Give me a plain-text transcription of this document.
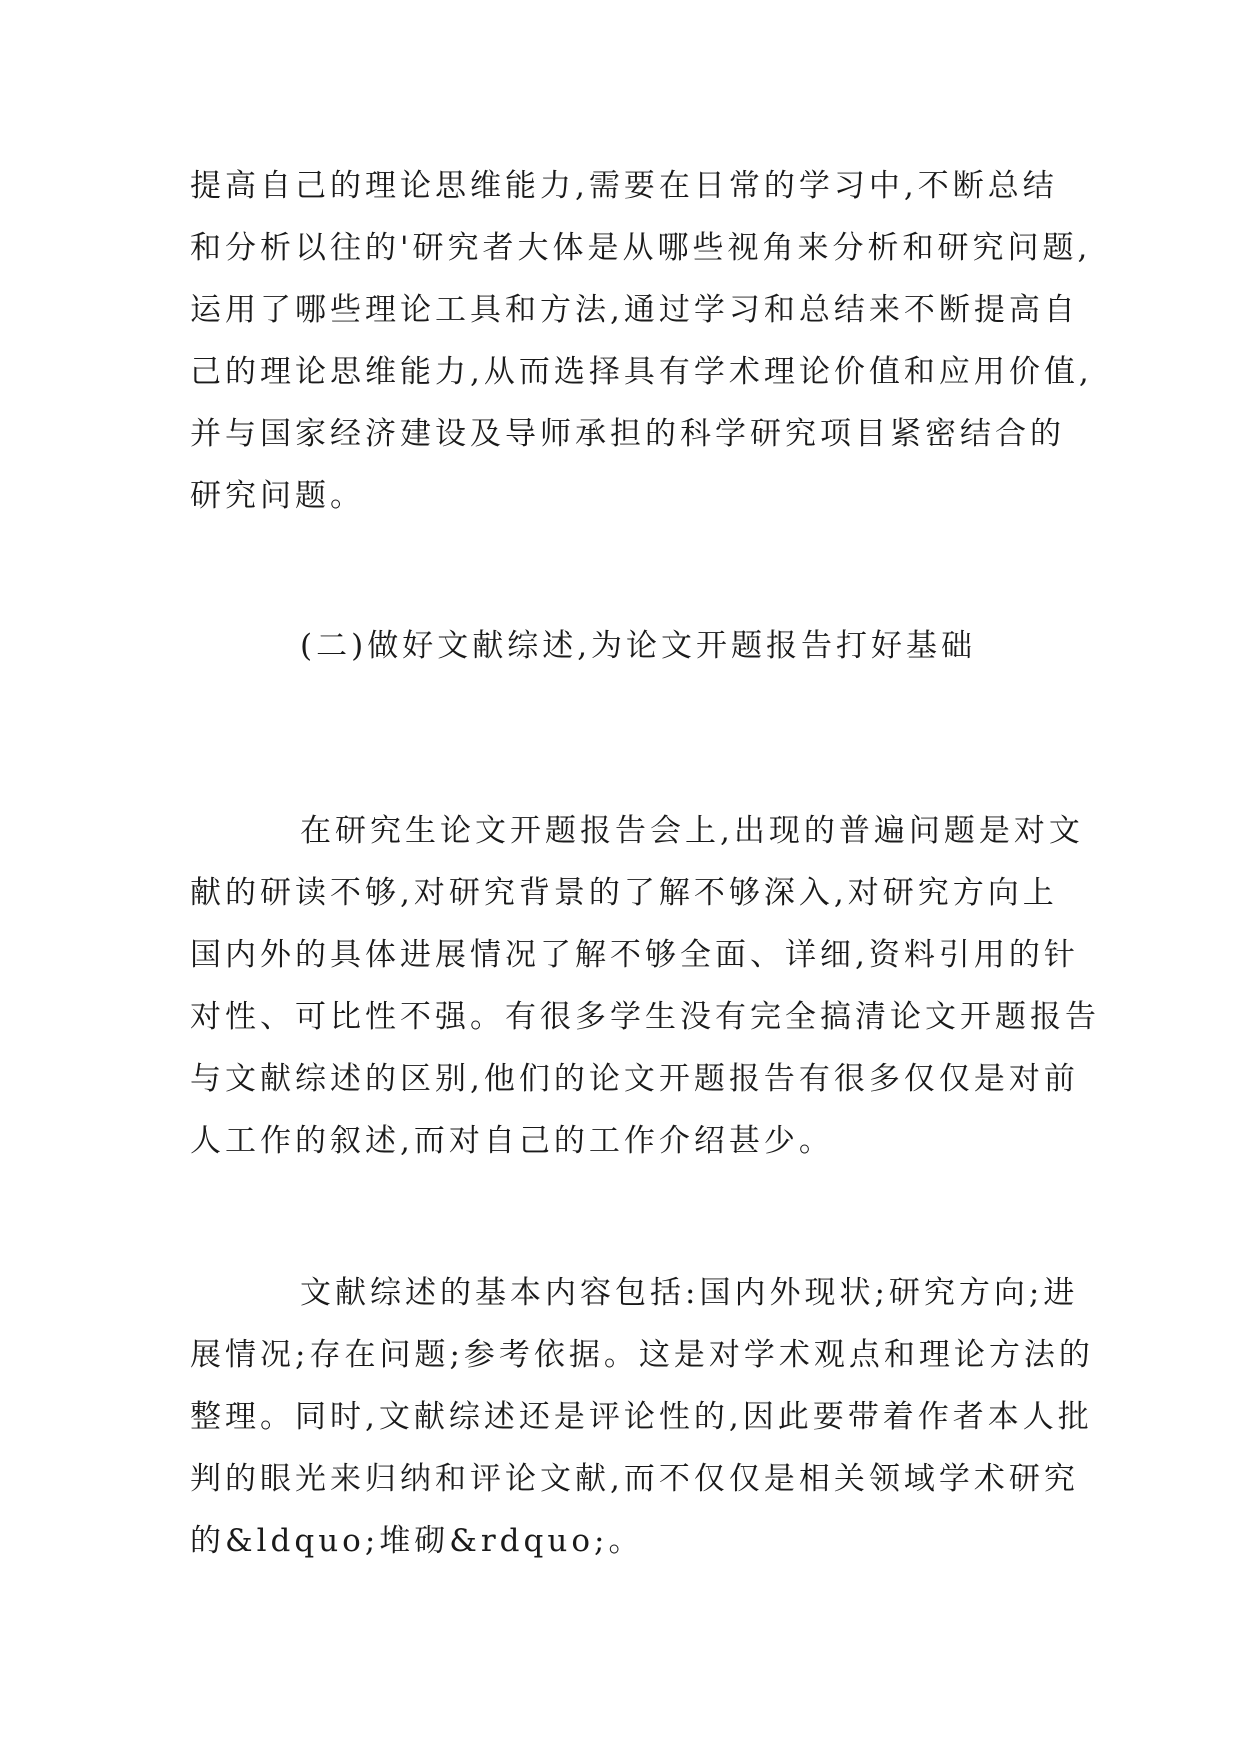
提高自己的理论思维能力,需要在日常的学习中,不断总结
和分析以往的'研究者大体是从哪些视角来分析和研究问题,
运用了哪些理论工具和方法,通过学习和总结来不断提高自
己的理论思维能力,从而选择具有学术理论价值和应用价值,
并与国家经济建设及导师承担的科学研究项目紧密结合的
研究问题。
(二)做好文献综述,为论文开题报告打好基础
在研究生论文开题报告会上,出现的普遍问题是对文
献的研读不够,对研究背景的了解不够深入,对研究方向上
国内外的具体进展情况了解不够全面、详细,资料引用的针
对性、可比性不强。有很多学生没有完全搞清论文开题报告
与文献综述的区别,他们的论文开题报告有很多仅仅是对前
人工作的叙述,而对自己的工作介绍甚少。
文献综述的基本内容包括:国内外现状;研究方向;进
展情况;存在问题;参考依据。这是对学术观点和理论方法的
整理。同时,文献综述还是评论性的,因此要带着作者本人批
判的眼光来归纳和评论文献,而不仅仅是相关领域学术研究
的&ldquo;堆砌&rdquo;。
